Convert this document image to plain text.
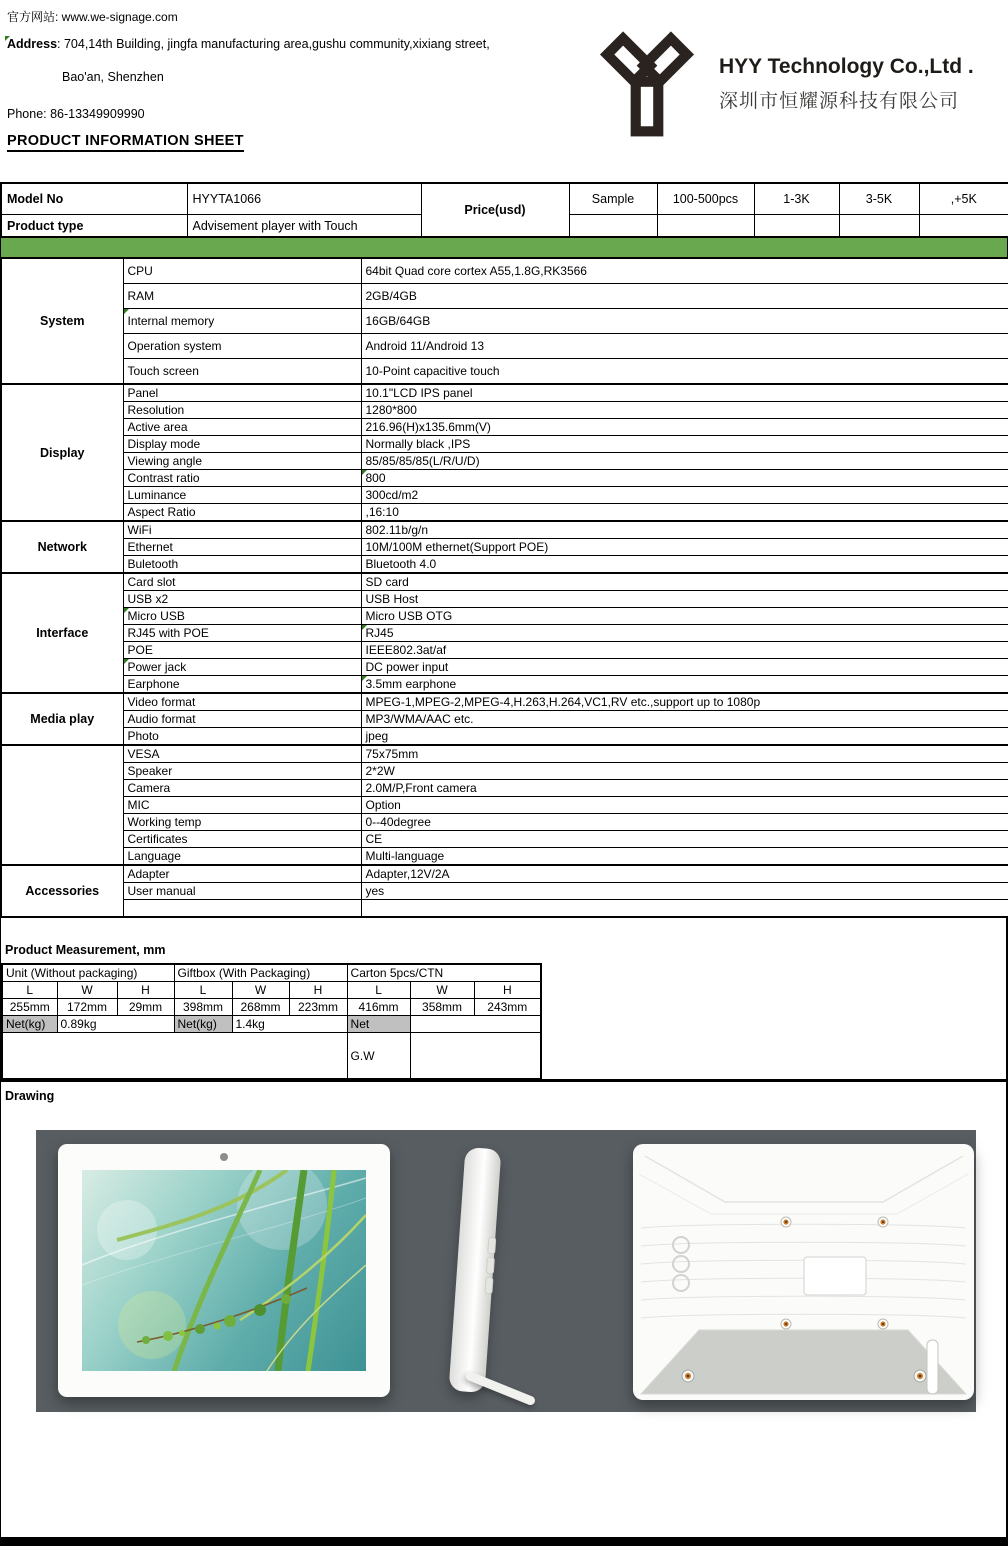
官方网站: www.we-signage.com
Address: 704,14th Building, jingfa manufacturing area,gushu community,xixiang street,
Bao'an, Shenzhen
Phone: 86-13349909990
PRODUCT INFORMATION SHEET
HYY Technology Co.,Ltd .
深圳市恒耀源科技有限公司
Model No	HYYTA1066	Price(usd)	Sample	100-500pcs	1-3K	3-5K	,+5K
Product type	Advisement player with Touch						
System	CPU	64bit Quad core cortex A55,1.8G,RK3566
	RAM	2GB/4GB
	Internal memory	16GB/64GB
	Operation system	Android 11/Android 13
	Touch screen	10-Point capacitive touch
Display	Panel	10.1"LCD IPS panel
	Resolution	1280*800
	Active area	216.96(H)x135.6mm(V)
	Display mode	Normally black ,IPS
	Viewing angle	85/85/85/85(L/R/U/D)
	Contrast ratio	800
	Luminance	300cd/m2
	Aspect Ratio	,16:10
Network	WiFi	802.11b/g/n
	Ethernet	10M/100M ethernet(Support POE)
	Buletooth	Bluetooth 4.0
Interface	Card slot	SD card
	USB x2	USB Host
	Micro USB	Micro USB OTG
	RJ45 with POE	RJ45
	POE	IEEE802.3at/af
	Power jack	DC power input
	Earphone	3.5mm earphone
Media play	Video format	MPEG-1,MPEG-2,MPEG-4,H.263,H.264,VC1,RV etc.,support up to 1080p
	Audio format	MP3/WMA/AAC etc.
	Photo	jpeg
	VESA	75x75mm
	Speaker	2*2W
	Camera	2.0M/P,Front camera
	MIC	Option
	Working temp	0--40degree
	Certificates	CE
	Language	Multi-language
Accessories	Adapter	Adapter,12V/2A
	User manual	yes

Product Measurement, mm
Unit (Without packaging)			Giftbox (With Packaging)			Carton 5pcs/CTN		
L	W	H	L	W	H	L	W	H
255mm	172mm	29mm	398mm	268mm	223mm	416mm	358mm	243mm
Net(kg)	0.89kg		Net(kg)	1.4kg		Net		
						G.W		
Drawing
